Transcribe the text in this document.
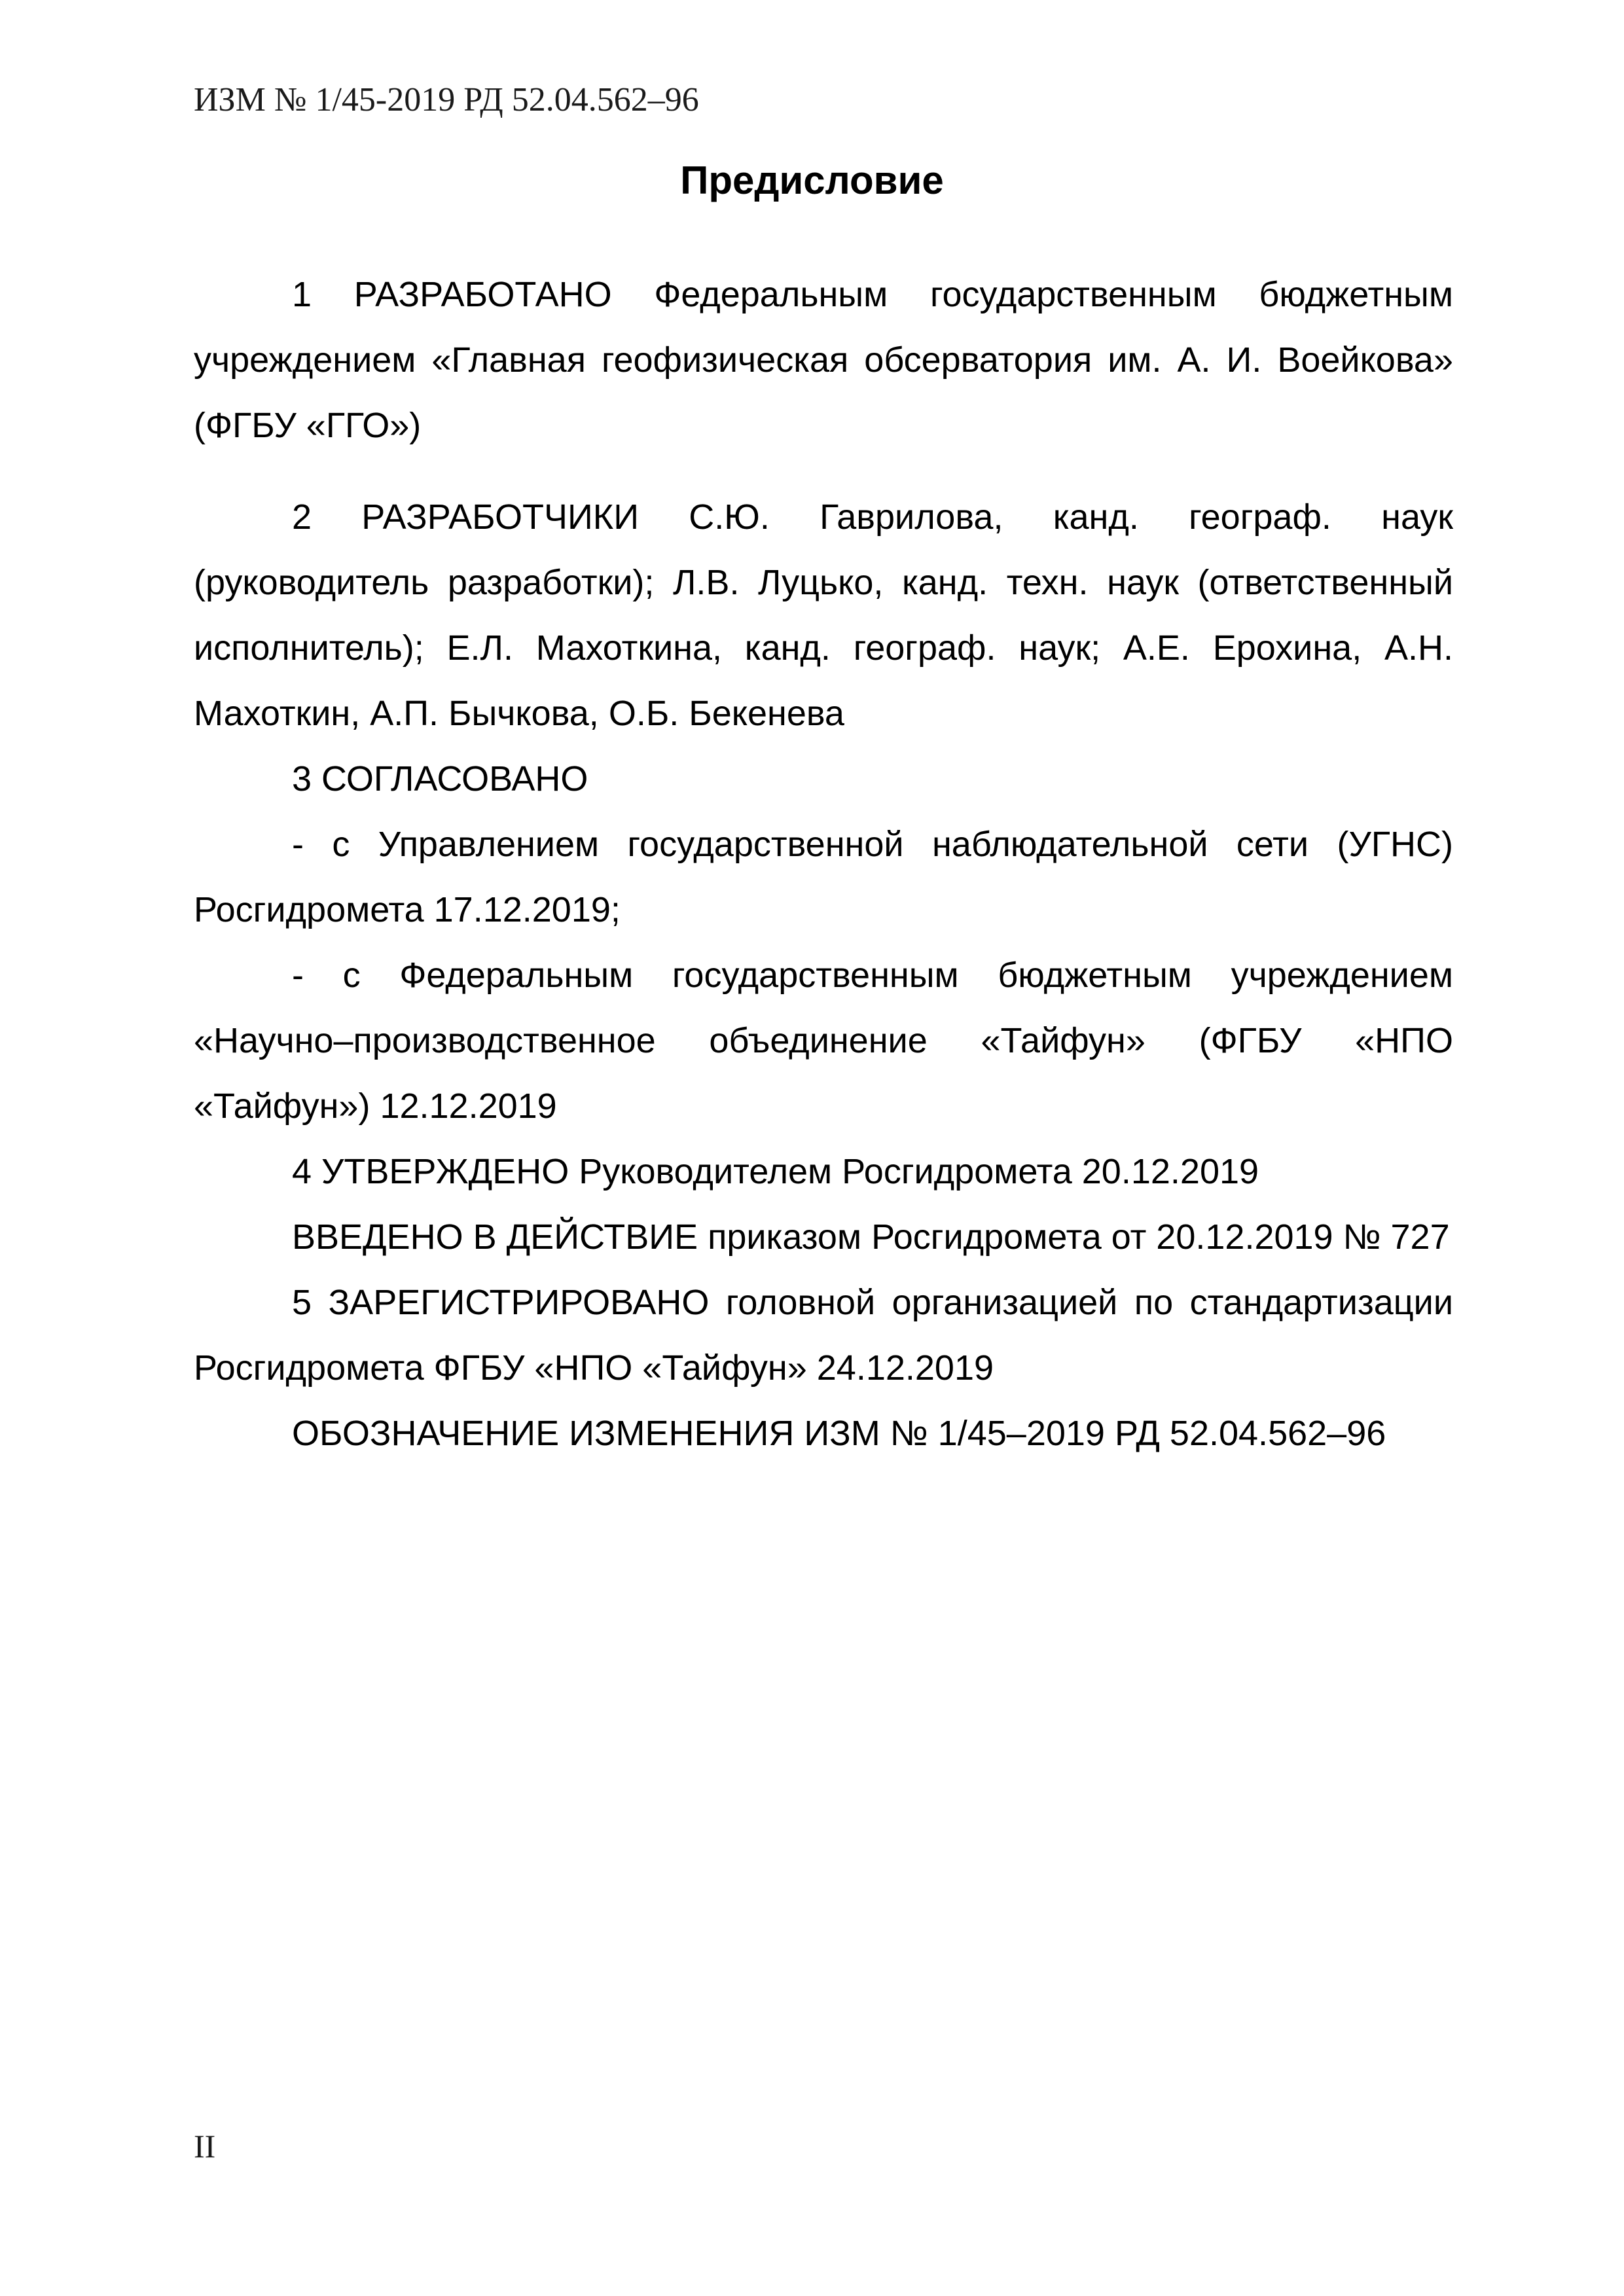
ИЗМ № 1/45-2019 РД 52.04.562–96
Предисловие

1 РАЗРАБОТАНО Федеральным государственным бюджетным учреждением «Главная геофизическая обсерватория им. А. И. Воейкова» (ФГБУ «ГГО»)

2 РАЗРАБОТЧИКИ С.Ю. Гаврилова, канд. географ. наук (руководитель разработки); Л.В. Луцько, канд. техн. наук (ответственный исполнитель); Е.Л. Махоткина, канд. географ. наук; А.Е. Ерохина, А.Н. Махоткин, А.П. Бычкова, О.Б. Бекенева

3 СОГЛАСОВАНО

- с Управлением государственной наблюдательной сети (УГНС) Росгидромета 17.12.2019;

- с Федеральным государственным бюджетным учреждением «Научно–производственное объединение «Тайфун» (ФГБУ «НПО «Тайфун») 12.12.2019

4 УТВЕРЖДЕНО Руководителем Росгидромета 20.12.2019

ВВЕДЕНО В ДЕЙСТВИЕ приказом Росгидромета от 20.12.2019 № 727

5 ЗАРЕГИСТРИРОВАНО головной организацией по стандартизации Росгидромета ФГБУ «НПО «Тайфун» 24.12.2019

ОБОЗНАЧЕНИЕ ИЗМЕНЕНИЯ ИЗМ № 1/45–2019 РД 52.04.562–96

II
